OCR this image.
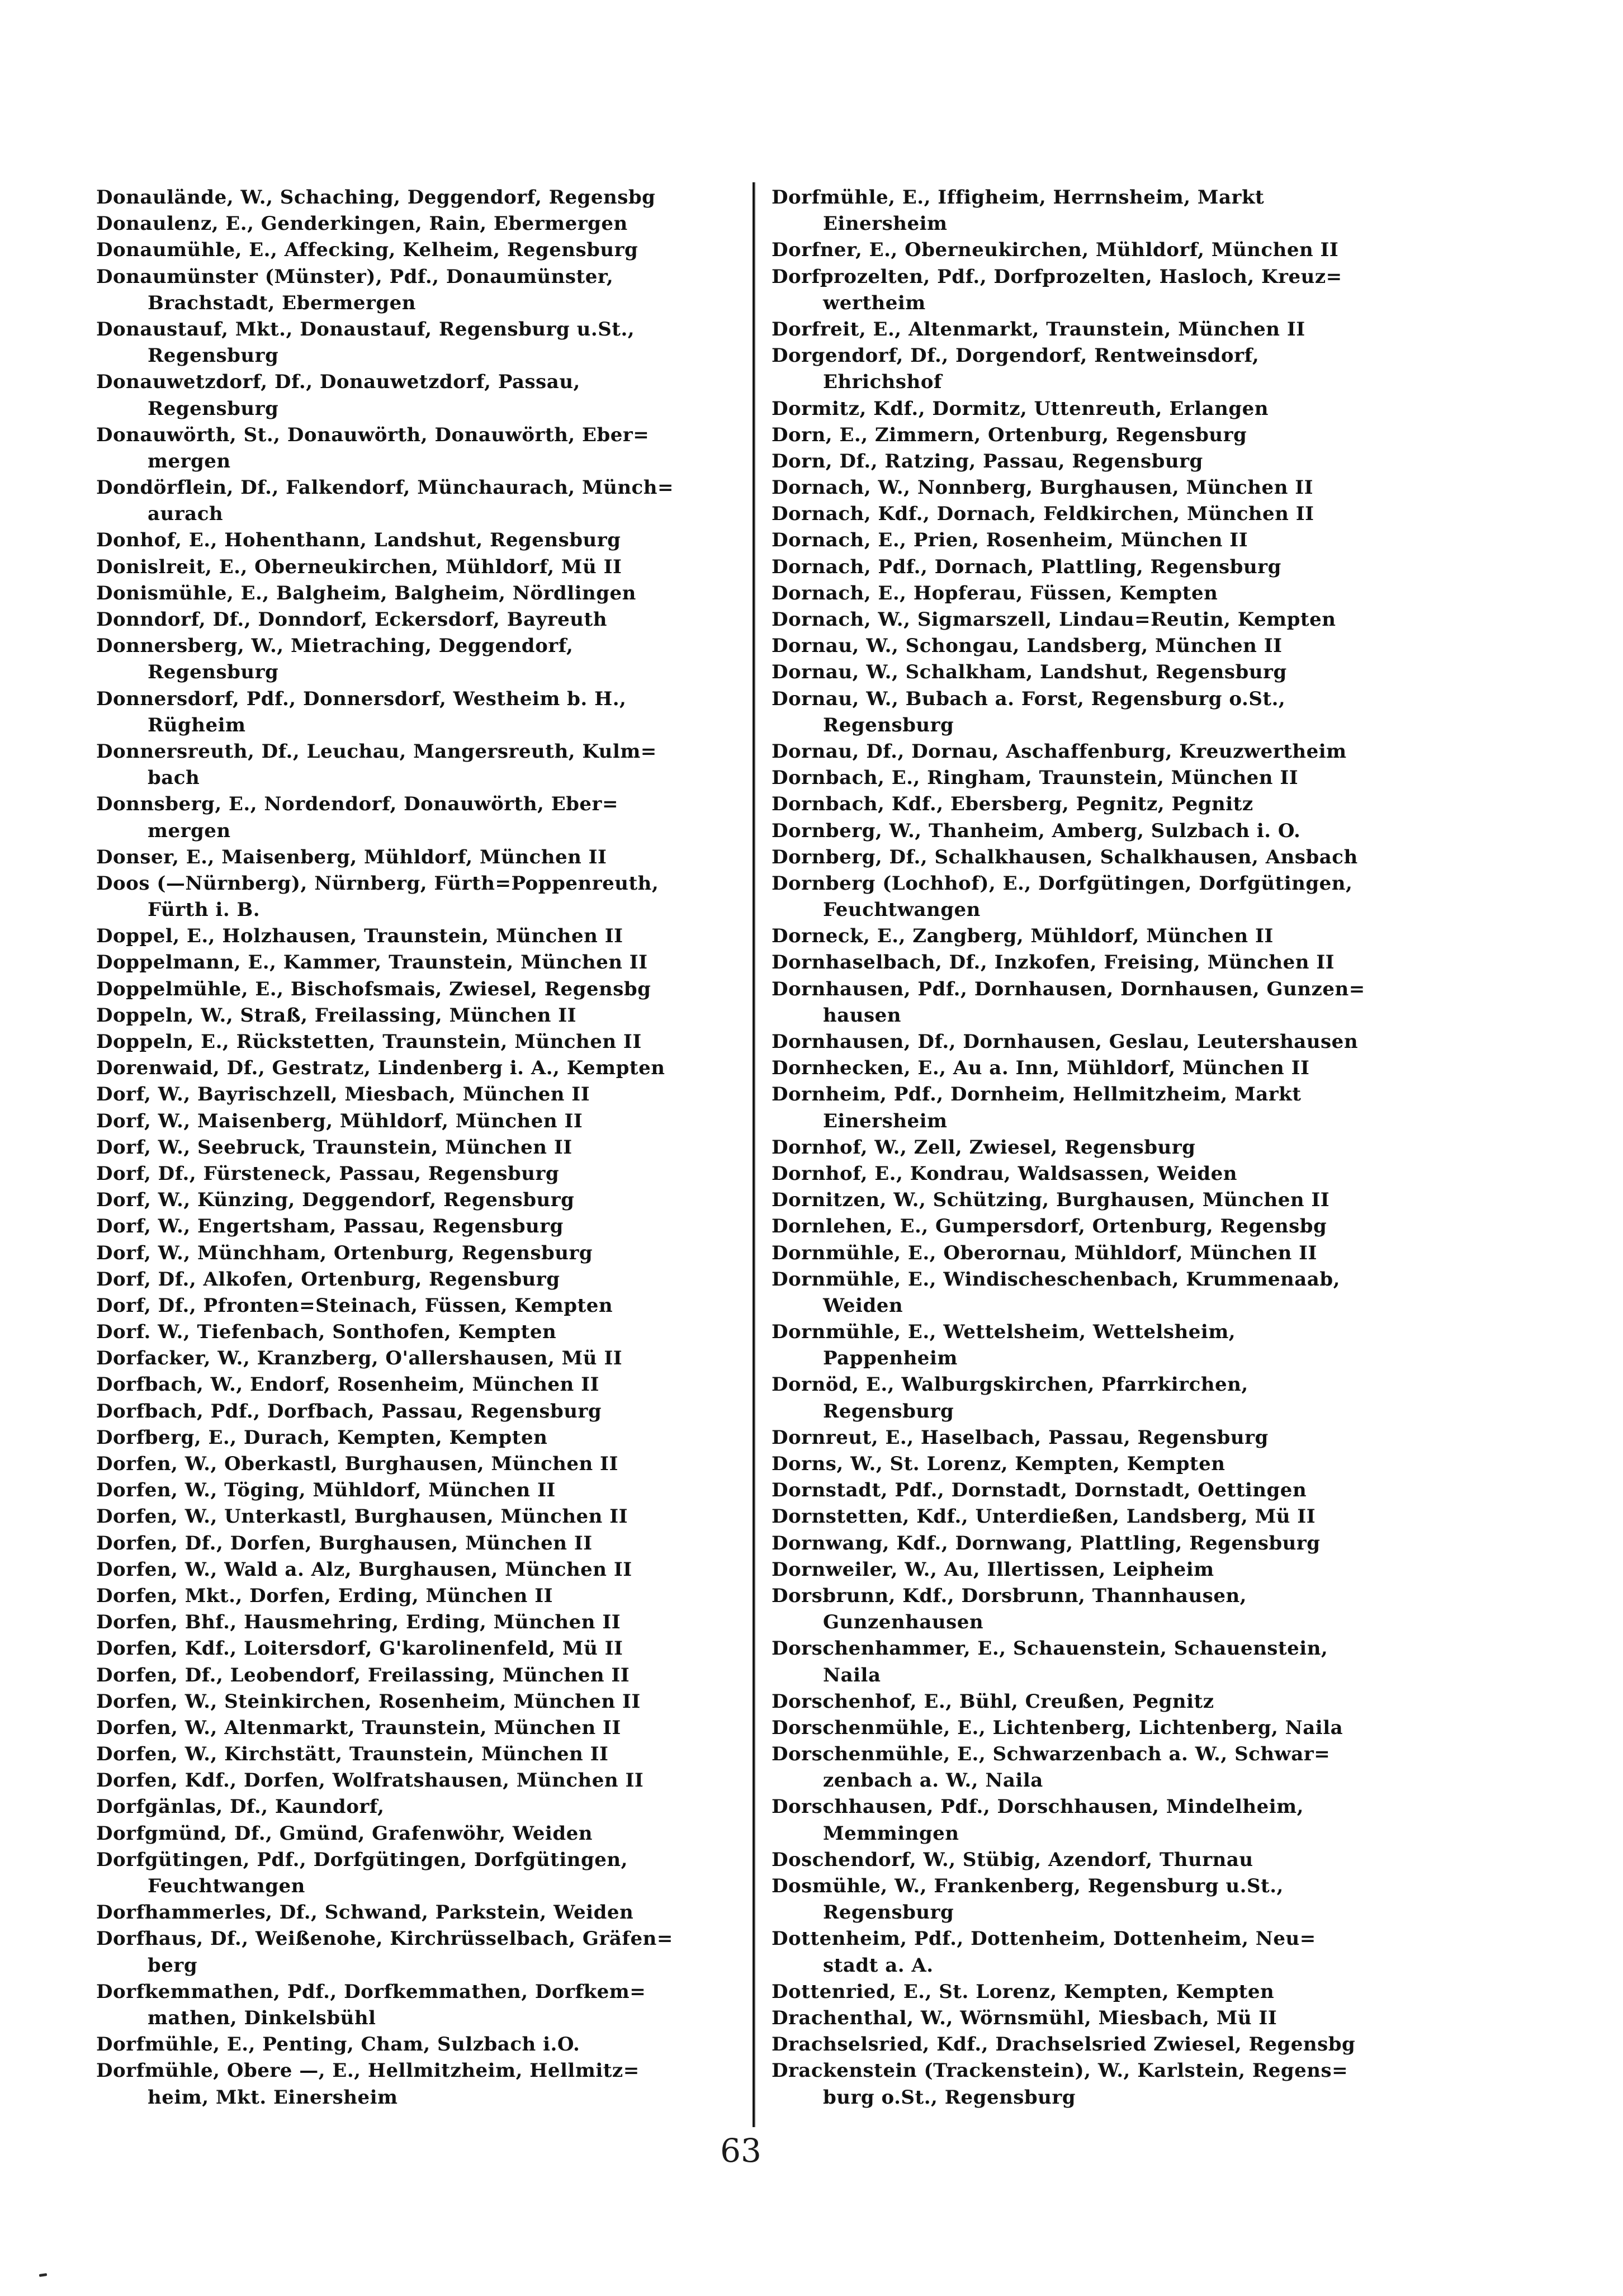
Donaulände, W., Schaching, Deggendorf, Regensbg
Donaulenz, E., Genderkingen, Rain, Ebermergen
Donaumühle, E., Affecking, Kelheim, Regensburg
Donaumünster (Münster), Pdf., Donaumünster,
Brachstadt, Ebermergen
Donaustauf, Mkt., Donaustauf, Regensburg u.St.,
Regensburg
Donauwetzdorf, Df., Donauwetzdorf, Passau,
Regensburg
Donauwörth, St., Donauwörth, Donauwörth, Eber=
mergen
Dondörflein, Df., Falkendorf, Münchaurach, Münch=
aurach
Donhof, E., Hohenthann, Landshut, Regensburg
Donislreit, E., Oberneukirchen, Mühldorf, Mü II
Donismühle, E., Balgheim, Balgheim, Nördlingen
Donndorf, Df., Donndorf, Eckersdorf, Bayreuth
Donnersberg, W., Mietraching, Deggendorf,
Regensburg
Donnersdorf, Pdf., Donnersdorf, Westheim b. H.,
Rügheim
Donnersreuth, Df., Leuchau, Mangersreuth, Kulm=
bach
Donnsberg, E., Nordendorf, Donauwörth, Eber=
mergen
Donser, E., Maisenberg, Mühldorf, München II
Doos (—Nürnberg), Nürnberg, Fürth=Poppenreuth,
Fürth i. B.
Doppel, E., Holzhausen, Traunstein, München II
Doppelmann, E., Kammer, Traunstein, München II
Doppelmühle, E., Bischofsmais, Zwiesel, Regensbg
Doppeln, W., Straß, Freilassing, München II
Doppeln, E., Rückstetten, Traunstein, München II
Dorenwaid, Df., Gestratz, Lindenberg i. A., Kempten
Dorf, W., Bayrischzell, Miesbach, München II
Dorf, W., Maisenberg, Mühldorf, München II
Dorf, W., Seebruck, Traunstein, München II
Dorf, Df., Fürsteneck, Passau, Regensburg
Dorf, W., Künzing, Deggendorf, Regensburg
Dorf, W., Engertsham, Passau, Regensburg
Dorf, W., Münchham, Ortenburg, Regensburg
Dorf, Df., Alkofen, Ortenburg, Regensburg
Dorf, Df., Pfronten=Steinach, Füssen, Kempten
Dorf. W., Tiefenbach, Sonthofen, Kempten
Dorfacker, W., Kranzberg, O'allershausen, Mü II
Dorfbach, W., Endorf, Rosenheim, München II
Dorfbach, Pdf., Dorfbach, Passau, Regensburg
Dorfberg, E., Durach, Kempten, Kempten
Dorfen, W., Oberkastl, Burghausen, München II
Dorfen, W., Töging, Mühldorf, München II
Dorfen, W., Unterkastl, Burghausen, München II
Dorfen, Df., Dorfen, Burghausen, München II
Dorfen, W., Wald a. Alz, Burghausen, München II
Dorfen, Mkt., Dorfen, Erding, München II
Dorfen, Bhf., Hausmehring, Erding, München II
Dorfen, Kdf., Loitersdorf, G'karolinenfeld, Mü II
Dorfen, Df., Leobendorf, Freilassing, München II
Dorfen, W., Steinkirchen, Rosenheim, München II
Dorfen, W., Altenmarkt, Traunstein, München II
Dorfen, W., Kirchstätt, Traunstein, München II
Dorfen, Kdf., Dorfen, Wolfratshausen, München II
Dorfgänlas, Df., Kaundorf,
Dorfgmünd, Df., Gmünd, Grafenwöhr, Weiden
Dorfgütingen, Pdf., Dorfgütingen, Dorfgütingen,
Feuchtwangen
Dorfhammerles, Df., Schwand, Parkstein, Weiden
Dorfhaus, Df., Weißenohe, Kirchrüsselbach, Gräfen=
berg
Dorfkemmathen, Pdf., Dorfkemmathen, Dorfkem=
mathen, Dinkelsbühl
Dorfmühle, E., Penting, Cham, Sulzbach i.O.
Dorfmühle, Obere —, E., Hellmitzheim, Hellmitz=
heim, Mkt. Einersheim
Dorfmühle, E., Iffigheim, Herrnsheim, Markt
Einersheim
Dorfner, E., Oberneukirchen, Mühldorf, München II
Dorfprozelten, Pdf., Dorfprozelten, Hasloch, Kreuz=
wertheim
Dorfreit, E., Altenmarkt, Traunstein, München II
Dorgendorf, Df., Dorgendorf, Rentweinsdorf,
Ehrichshof
Dormitz, Kdf., Dormitz, Uttenreuth, Erlangen
Dorn, E., Zimmern, Ortenburg, Regensburg
Dorn, Df., Ratzing, Passau, Regensburg
Dornach, W., Nonnberg, Burghausen, München II
Dornach, Kdf., Dornach, Feldkirchen, München II
Dornach, E., Prien, Rosenheim, München II
Dornach, Pdf., Dornach, Plattling, Regensburg
Dornach, E., Hopferau, Füssen, Kempten
Dornach, W., Sigmarszell, Lindau=Reutin, Kempten
Dornau, W., Schongau, Landsberg, München II
Dornau, W., Schalkham, Landshut, Regensburg
Dornau, W., Bubach a. Forst, Regensburg o.St.,
Regensburg
Dornau, Df., Dornau, Aschaffenburg, Kreuzwertheim
Dornbach, E., Ringham, Traunstein, München II
Dornbach, Kdf., Ebersberg, Pegnitz, Pegnitz
Dornberg, W., Thanheim, Amberg, Sulzbach i. O.
Dornberg, Df., Schalkhausen, Schalkhausen, Ansbach
Dornberg (Lochhof), E., Dorfgütingen, Dorfgütingen,
Feuchtwangen
Dorneck, E., Zangberg, Mühldorf, München II
Dornhaselbach, Df., Inzkofen, Freising, München II
Dornhausen, Pdf., Dornhausen, Dornhausen, Gunzen=
hausen
Dornhausen, Df., Dornhausen, Geslau, Leutershausen
Dornhecken, E., Au a. Inn, Mühldorf, München II
Dornheim, Pdf., Dornheim, Hellmitzheim, Markt
Einersheim
Dornhof, W., Zell, Zwiesel, Regensburg
Dornhof, E., Kondrau, Waldsassen, Weiden
Dornitzen, W., Schützing, Burghausen, München II
Dornlehen, E., Gumpersdorf, Ortenburg, Regensbg
Dornmühle, E., Oberornau, Mühldorf, München II
Dornmühle, E., Windischeschenbach, Krummenaab,
Weiden
Dornmühle, E., Wettelsheim, Wettelsheim,
Pappenheim
Dornöd, E., Walburgskirchen, Pfarrkirchen,
Regensburg
Dornreut, E., Haselbach, Passau, Regensburg
Dorns, W., St. Lorenz, Kempten, Kempten
Dornstadt, Pdf., Dornstadt, Dornstadt, Oettingen
Dornstetten, Kdf., Unterdießen, Landsberg, Mü II
Dornwang, Kdf., Dornwang, Plattling, Regensburg
Dornweiler, W., Au, Illertissen, Leipheim
Dorsbrunn, Kdf., Dorsbrunn, Thannhausen,
Gunzenhausen
Dorschenhammer, E., Schauenstein, Schauenstein,
Naila
Dorschenhof, E., Bühl, Creußen, Pegnitz
Dorschenmühle, E., Lichtenberg, Lichtenberg, Naila
Dorschenmühle, E., Schwarzenbach a. W., Schwar=
zenbach a. W., Naila
Dorschhausen, Pdf., Dorschhausen, Mindelheim,
Memmingen
Doschendorf, W., Stübig, Azendorf, Thurnau
Dosmühle, W., Frankenberg, Regensburg u.St.,
Regensburg
Dottenheim, Pdf., Dottenheim, Dottenheim, Neu=
stadt a. A.
Dottenried, E., St. Lorenz, Kempten, Kempten
Drachenthal, W., Wörnsmühl, Miesbach, Mü II
Drachselsried, Kdf., Drachselsried Zwiesel, Regensbg
Drackenstein (Trackenstein), W., Karlstein, Regens=
burg o.St., Regensburg
63
